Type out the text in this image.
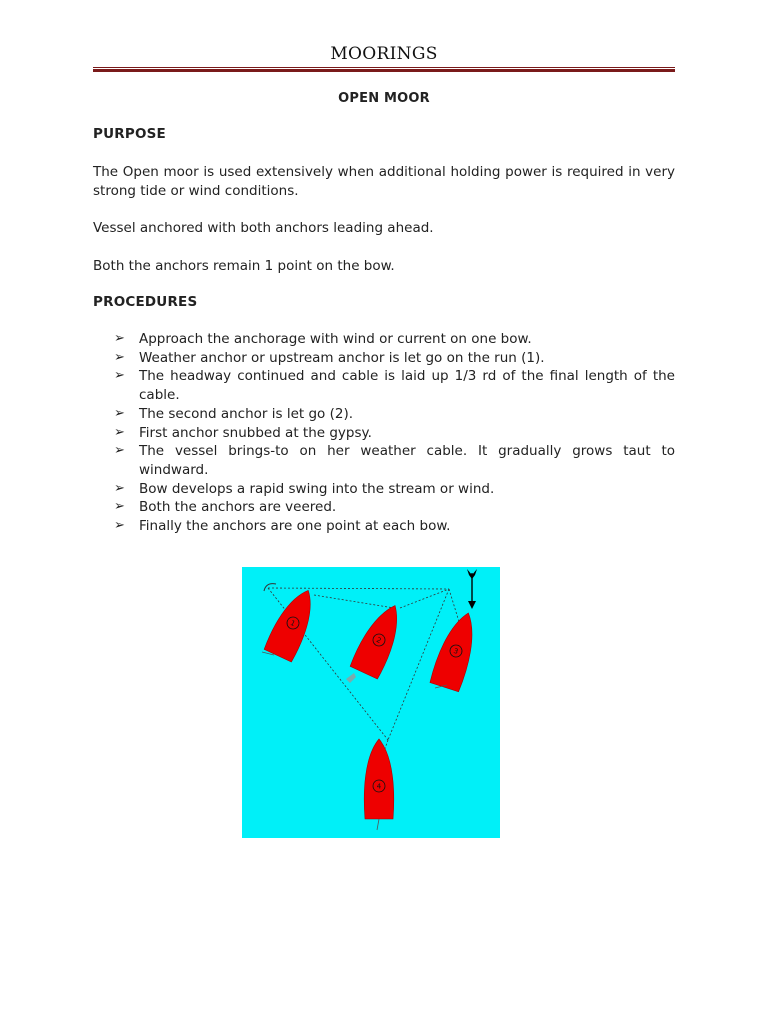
MOORINGS
OPEN MOOR
PURPOSE

The Open moor is used extensively when additional holding power is required in very strong tide or wind conditions.

Vessel anchored with both anchors leading ahead.

Both the anchors remain 1 point on the bow.

PROCEDURES
➢ Approach the anchorage with wind or current on one bow.
➢ Weather anchor or upstream anchor is let go on the run (1).
➢ The headway continued and cable is laid up 1/3 rd of the final length of the cable.
➢ The second anchor is let go (2).
➢ First anchor snubbed at the gypsy.
➢ The vessel brings-to on her weather cable. It gradually grows taut to windward.
➢ Bow develops a rapid swing into the stream or wind.
➢ Both the anchors are veered.
➢ Finally the anchors are one point at each bow.
1
2
3
4
